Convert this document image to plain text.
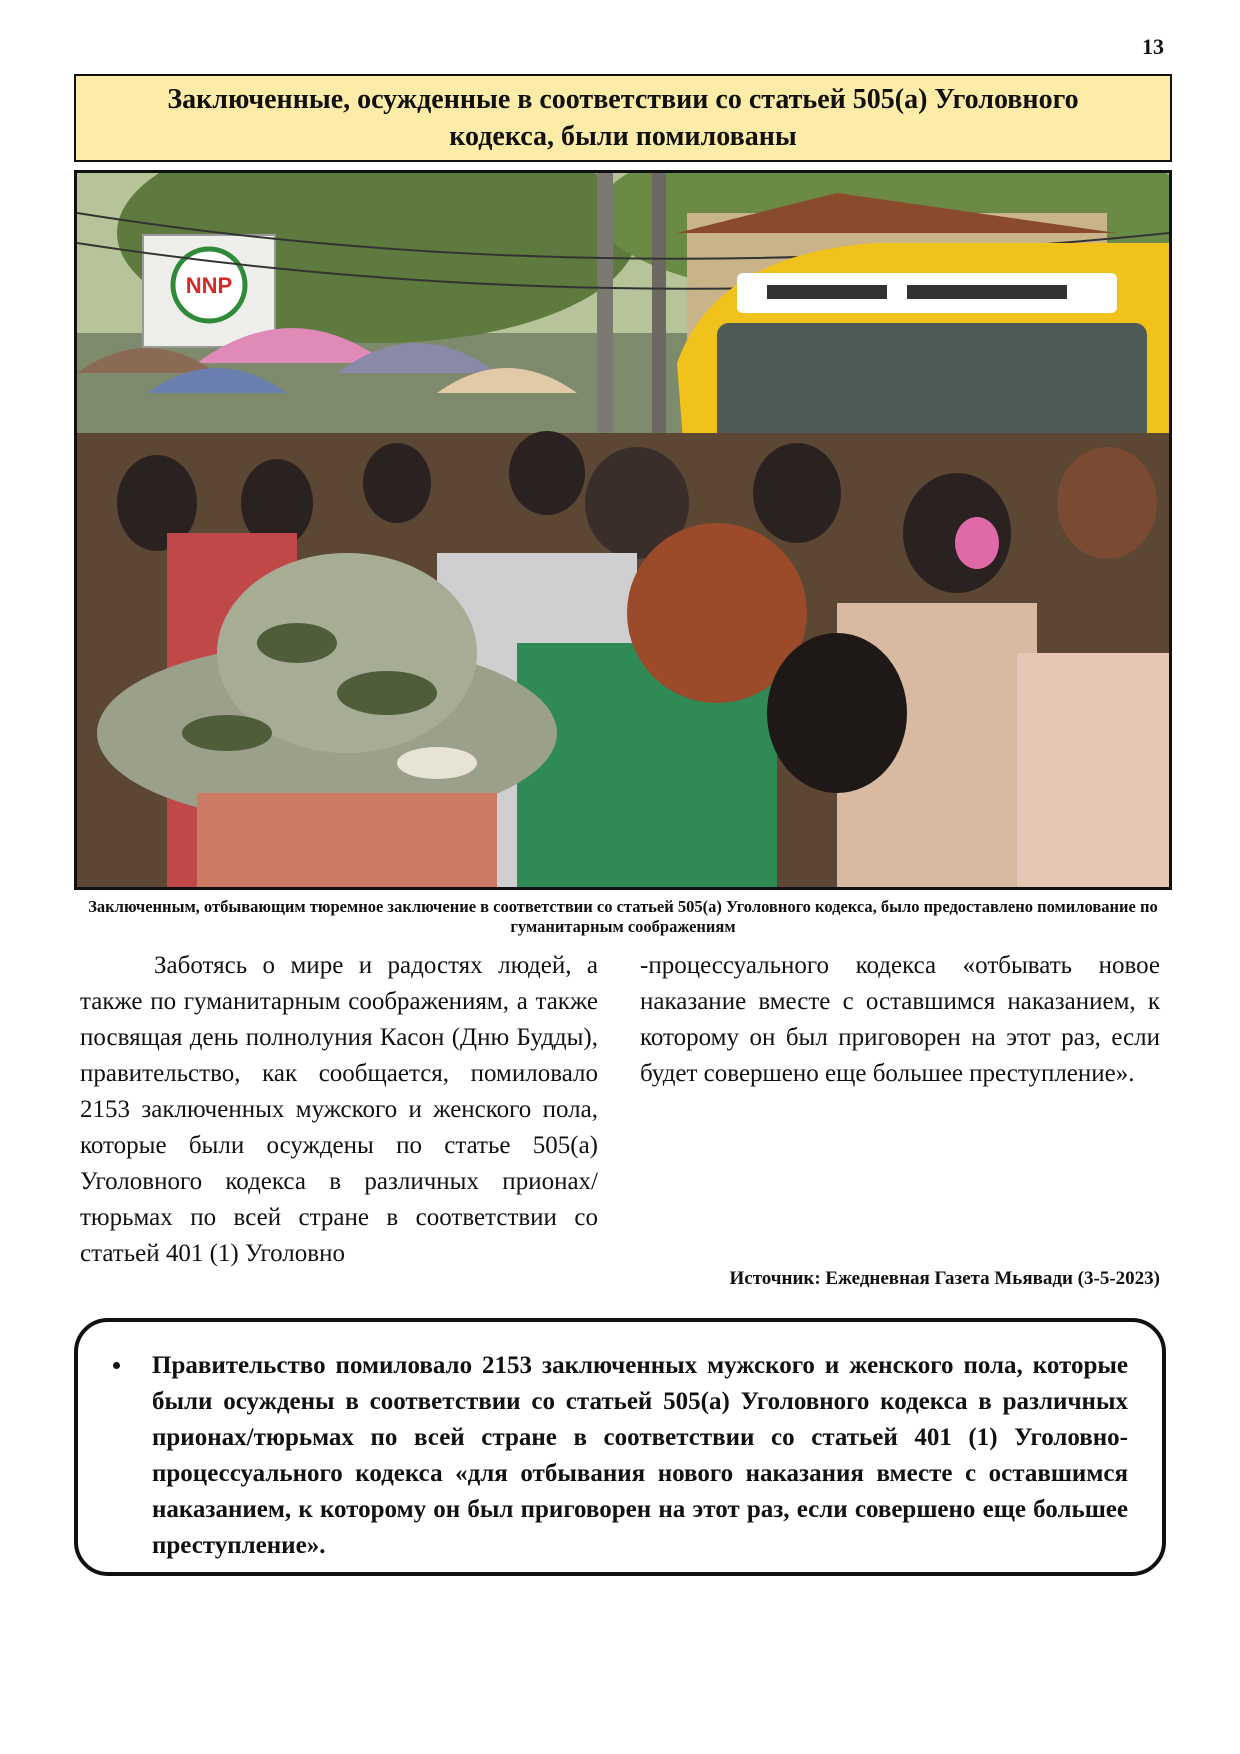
13
Заключенные, осужденные в соответствии со статьей 505(а) Уголовного кодекса, были помилованы
NNP
Заключенным, отбывающим тюремное заключение в соответствии со статьей 505(а) Уголовного кодекса, было предоставлено помилование по гуманитарным соображениям
Заботясь о мире и радостях людей, а также по гуманитарным соображениям, а также посвящая день полнолуния Касон (Дню Будды), правительство, как сообщается, помиловало 2153 заключенных мужского и женского пола, которые были осуждены по статье 505(а) Уголовного кодекса в различных прионах/тюрьмах по всей стране в соответствии со статьей 401 (1) Уголовно
-процессуального кодекса «отбывать новое наказание вместе с оставшимся наказанием, к которому он был приговорен на этот раз, если будет совершено еще большее преступление».
Источник: Ежедневная Газета Мьявади (3-5-2023)
• Правительство помиловало 2153 заключенных мужского и женского пола, которые были осуждены в соответствии со статьей 505(а) Уголовного кодекса в различных прионах/тюрьмах по всей стране в соответствии со статьей 401 (1) Уголовно-процессуального кодекса «для отбывания нового наказания вместе с оставшимся наказанием, к которому он был приговорен на этот раз, если совершено еще большее преступление».
